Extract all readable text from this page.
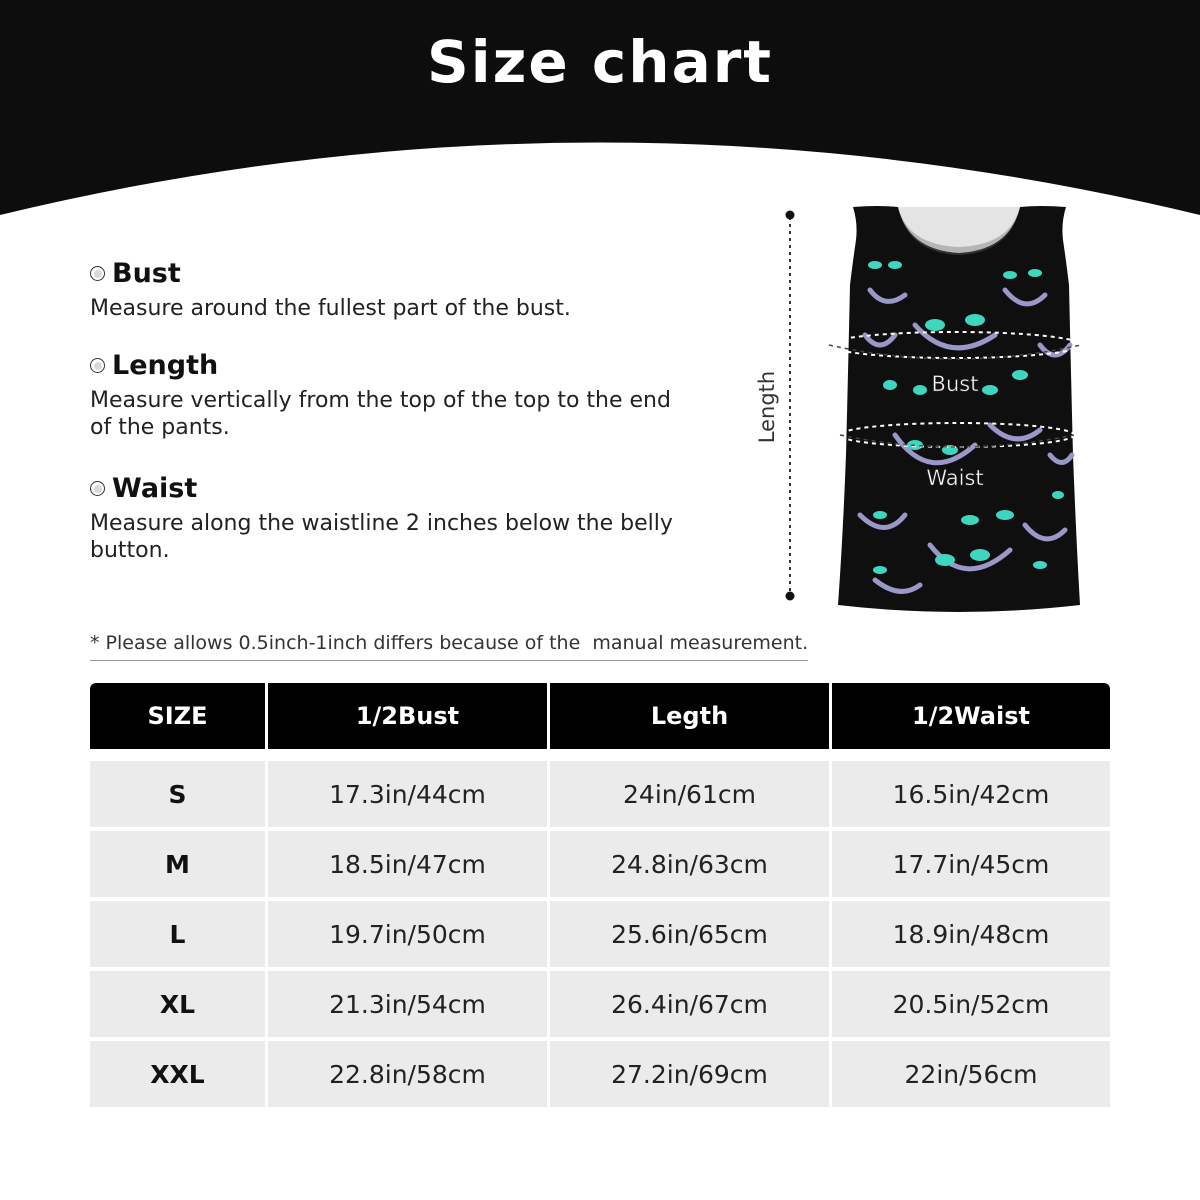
Size chart
Bust
Measure around the fullest part of the bust.
Length
Measure vertically from the top of the top to the end of the pants.
Waist
Measure along the waistline 2 inches below the belly button.
* Please allows 0.5inch-1inch differs because of the  manual measurement.
Length	Bust
Waist
SIZE	1/2Bust	Legth	1/2Waist

S	17.3in/44cm	24in/61cm	16.5in/42cm
M	18.5in/47cm	24.8in/63cm	17.7in/45cm
L	19.7in/50cm	25.6in/65cm	18.9in/48cm
XL	21.3in/54cm	26.4in/67cm	20.5in/52cm
XXL	22.8in/58cm	27.2in/69cm	22in/56cm
